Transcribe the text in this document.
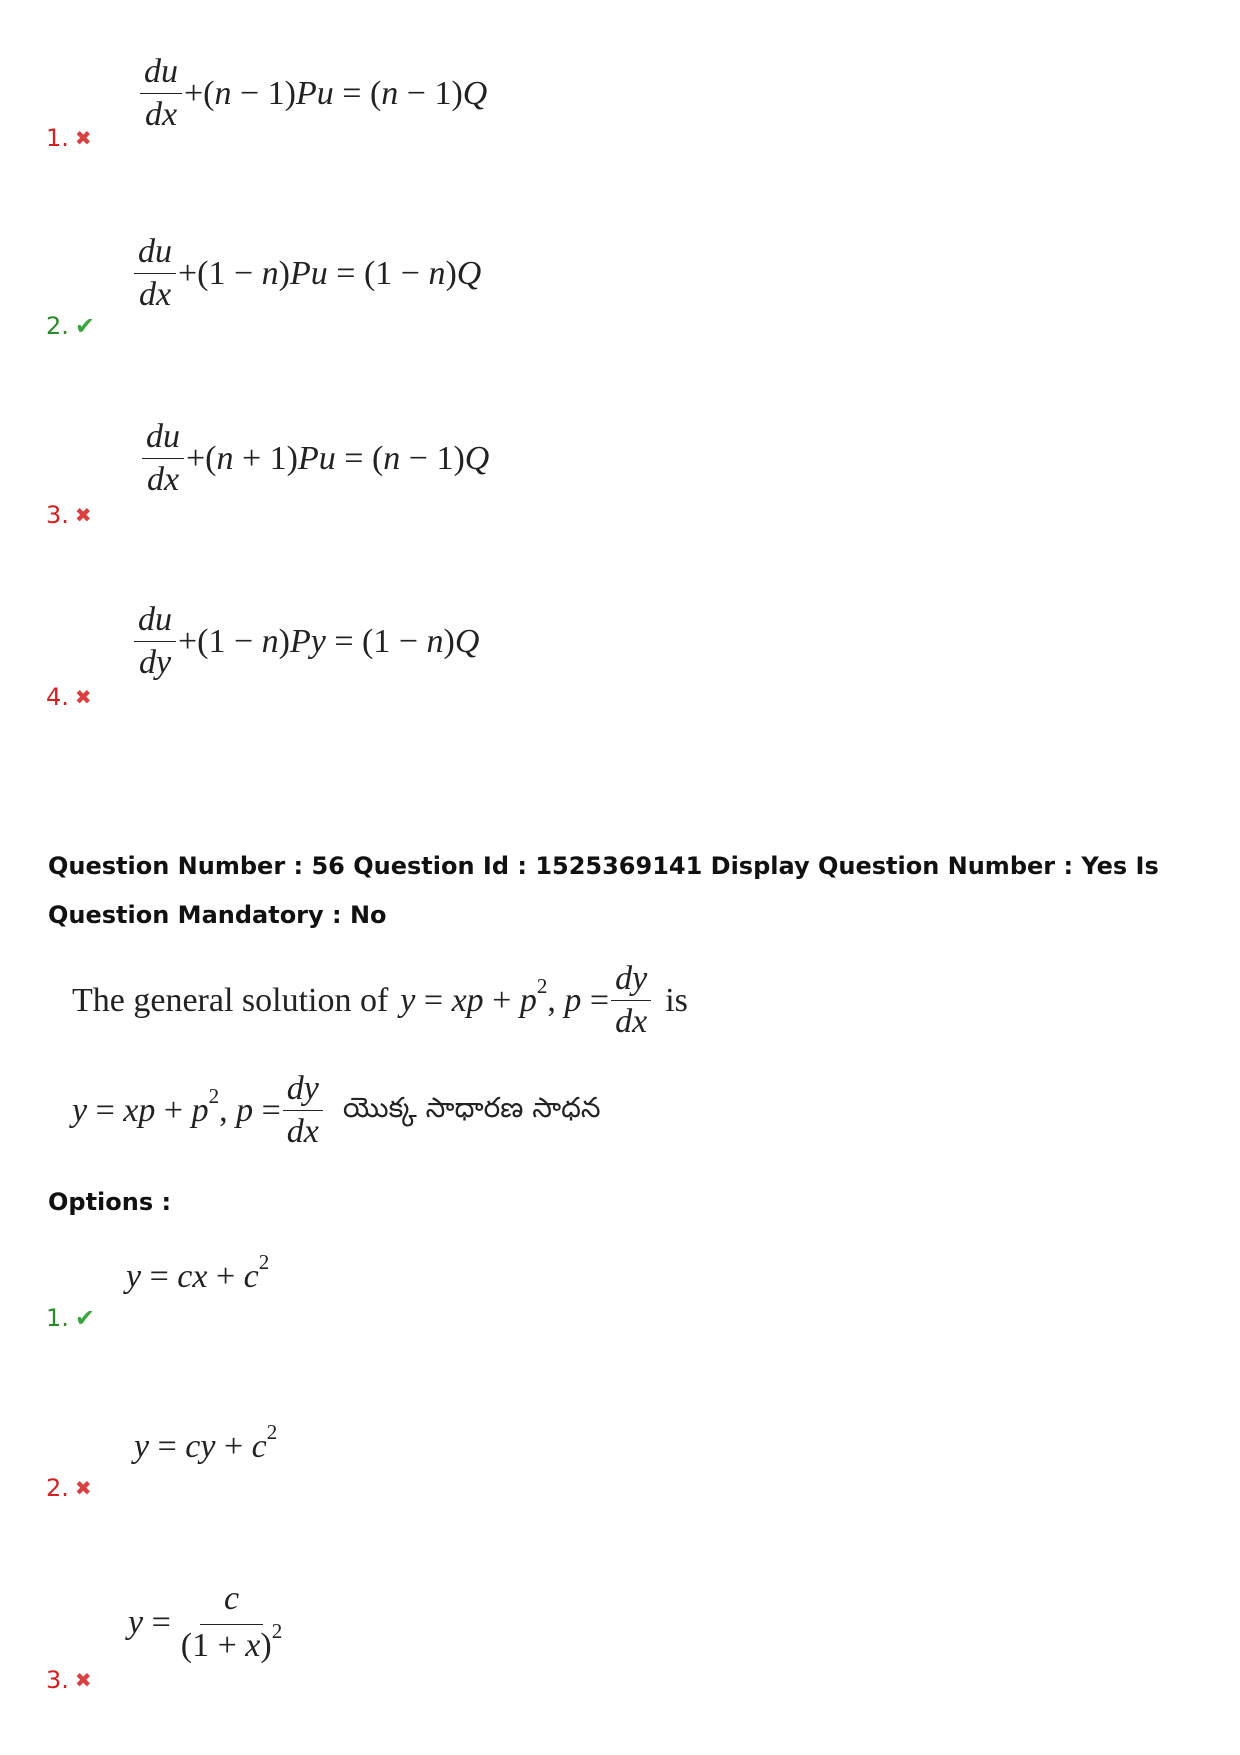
$\frac{du}{dx} +(n - 1)Pu = (n - 1)Q$
1. ✖
$\frac{du}{dx} +(1 - n)Pu = (1 - n)Q$
2. ✔
$\frac{du}{dx} +(n + 1)Pu = (n - 1)Q$
3. ✖
$\frac{du}{dy} +(1 - n)Py = (1 - n)Q$
4. ✖
Question Number : 56 Question Id : 1525369141 Display Question Number : Yes Is Question Mandatory : No
The general solution of y = xp + $p^2$, $p = \frac{dy}{dx}$ is
y = xp + $p^2$, $p = \frac{dy}{dx}$ యొక్క సాధారణ సాధన
Options :
y = cx + $c^2$
1. ✔
y = cy + $c^2$
2. ✖
$y = \frac{c}{(1 + x)^2}$
3. ✖
